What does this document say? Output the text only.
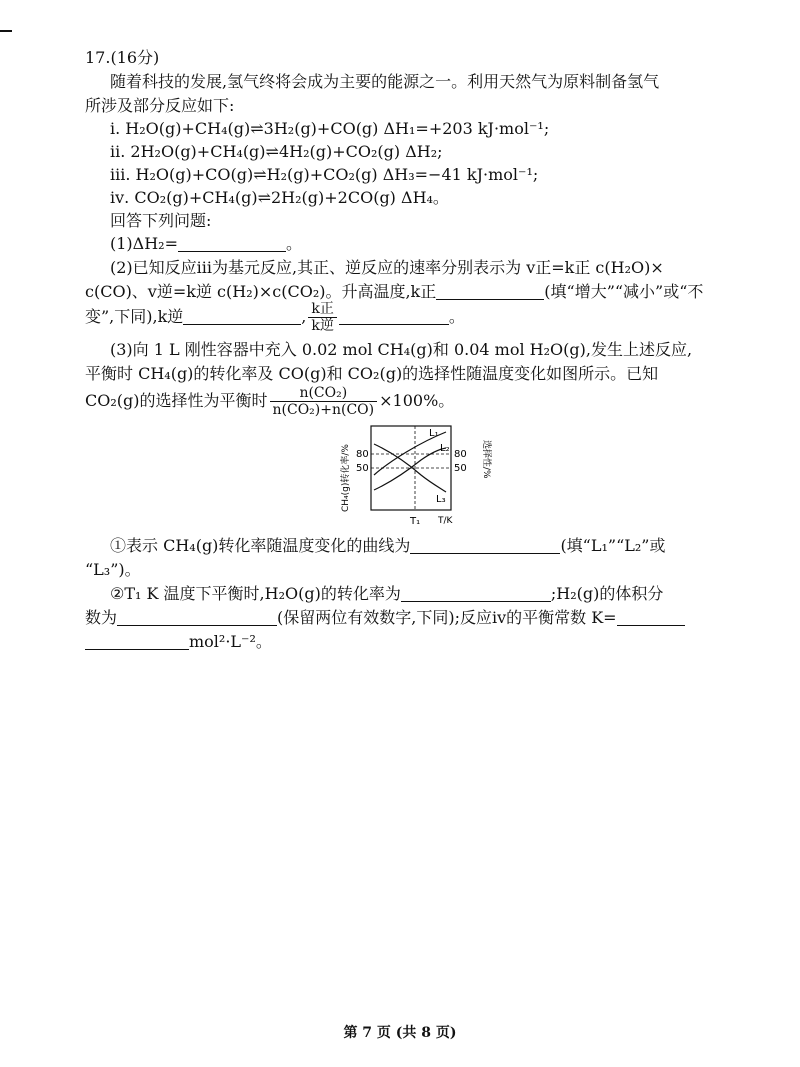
17.(16分)
随着科技的发展,氢气终将会成为主要的能源之一。利用天然气为原料制备氢气
所涉及部分反应如下:
ⅰ. H₂O(g)+CH₄(g)⇌3H₂(g)+CO(g) ΔH₁=+203 kJ·mol⁻¹;
ⅱ. 2H₂O(g)+CH₄(g)⇌4H₂(g)+CO₂(g) ΔH₂;
ⅲ. H₂O(g)+CO(g)⇌H₂(g)+CO₂(g) ΔH₃=−41 kJ·mol⁻¹;
ⅳ. CO₂(g)+CH₄(g)⇌2H₂(g)+2CO(g) ΔH₄。
回答下列问题:
(1)ΔH₂=	。
(2)已知反应ⅲ为基元反应,其正、逆反应的速率分别表示为 v正=k正 c(H₂O)×
c(CO)、v逆=k逆 c(H₂)×c(CO₂)。升高温度,k正	(填“增大”“减小”或“不
变”,下同),k逆	, $\frac{\text{k正}}{\text{k逆}}$	。
(3)向 1 L 刚性容器中充入 0.02 mol CH₄(g)和 0.04 mol H₂O(g),发生上述反应,
平衡时 CH₄(g)的转化率及 CO(g)和 CO₂(g)的选择性随温度变化如图所示。已知
CO₂(g)的选择性为平衡时 $\frac{\text{n(CO₂)}}{\text{n(CO₂)+n(CO)}} \times 100\%$。
L₁
L₂
L₃
80
50
80
50
T₁ T/K
CH₄(g)转化率/%	选择性/%
①表示 CH₄(g)转化率随温度变化的曲线为	(填“L₁”“L₂”或
“L₃”)。
②T₁ K 温度下平衡时,H₂O(g)的转化率为	;H₂(g)的体积分
数为	(保留两位有效数字,下同);反应ⅳ的平衡常数 K=
mol²·L⁻²。
第 7 页 (共 8 页)
